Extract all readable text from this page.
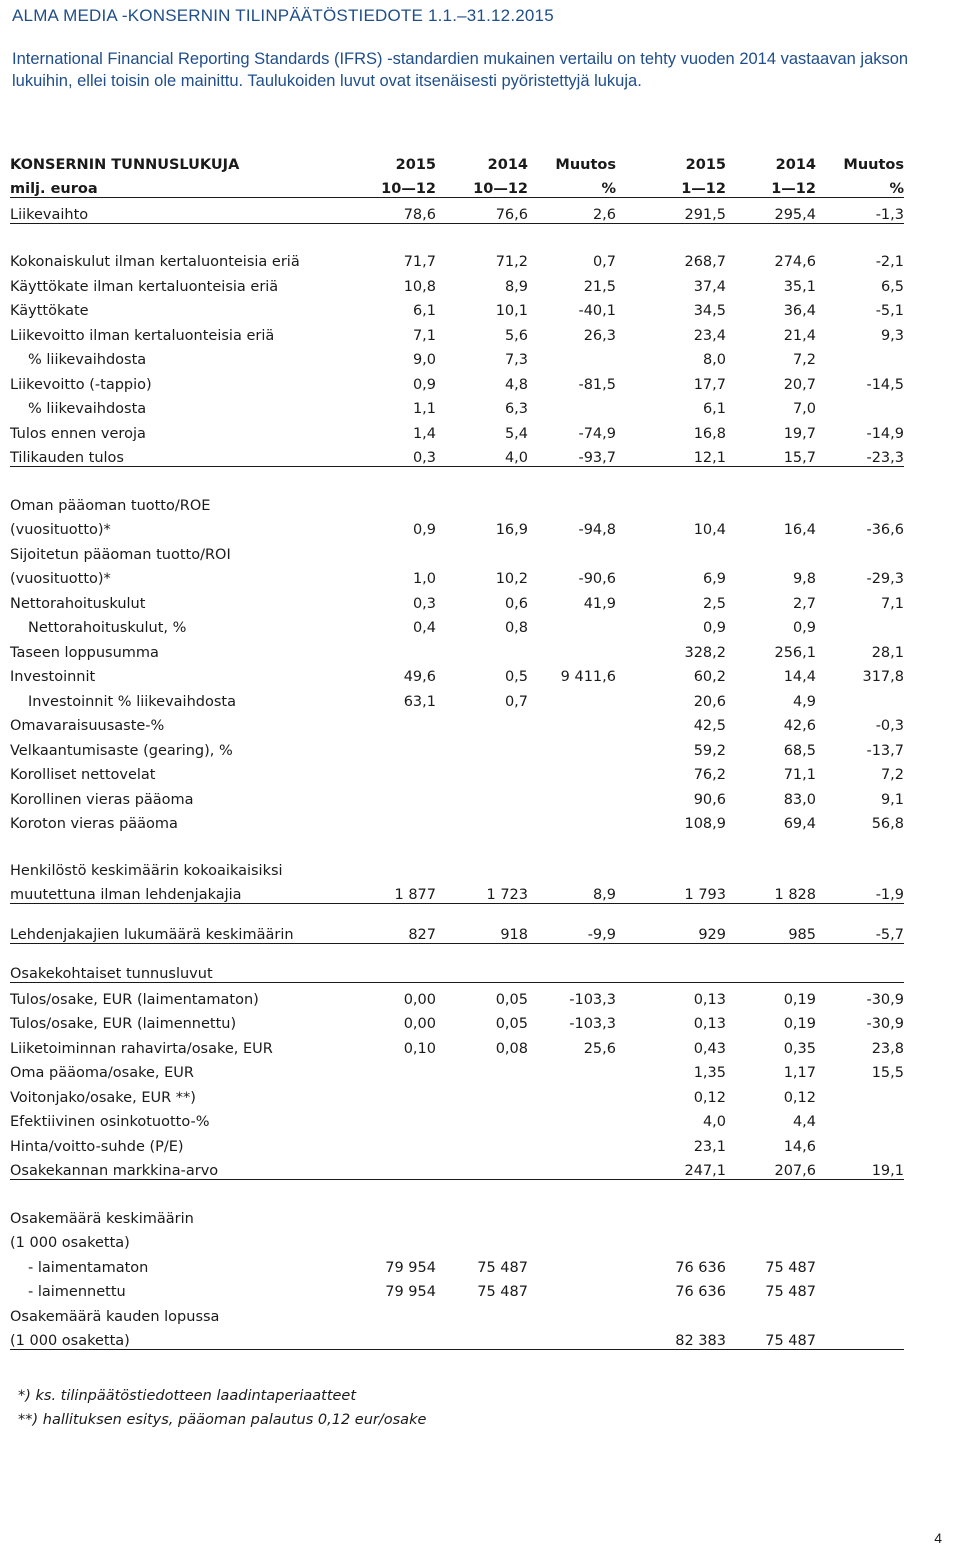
ALMA MEDIA -KONSERNIN TILINPÄÄTÖSTIEDOTE 1.1.–31.12.2015
International Financial Reporting Standards (IFRS) -standardien mukainen vertailu on tehty vuoden 2014 vastaavan jakson lukuihin, ellei toisin ole mainittu. Taulukoiden luvut ovat itsenäisesti pyöristettyjä lukuja.
KONSERNIN TUNNUSLUKUJA	2015	2014	Muutos	2015	2014	Muutos
milj. euroa	10—12	10—12	%	1—12	1—12	%
Liikevaihto	78,6	76,6	2,6	291,5	295,4	-1,3

Kokonaiskulut ilman kertaluonteisia eriä	71,7	71,2	0,7	268,7	274,6	-2,1
Käyttökate ilman kertaluonteisia eriä	10,8	8,9	21,5	37,4	35,1	6,5
Käyttökate	6,1	10,1	-40,1	34,5	36,4	-5,1
Liikevoitto ilman kertaluonteisia eriä	7,1	5,6	26,3	23,4	21,4	9,3
% liikevaihdosta	9,0	7,3		8,0	7,2	
Liikevoitto (-tappio)	0,9	4,8	-81,5	17,7	20,7	-14,5
% liikevaihdosta	1,1	6,3		6,1	7,0	
Tulos ennen veroja	1,4	5,4	-74,9	16,8	19,7	-14,9
Tilikauden tulos	0,3	4,0	-93,7	12,1	15,7	-23,3

Oman pääoman tuotto/ROE						
(vuosituotto)*	0,9	16,9	-94,8	10,4	16,4	-36,6
Sijoitetun pääoman tuotto/ROI						
(vuosituotto)*	1,0	10,2	-90,6	6,9	9,8	-29,3
Nettorahoituskulut	0,3	0,6	41,9	2,5	2,7	7,1
Nettorahoituskulut, %	0,4	0,8		0,9	0,9	
Taseen loppusumma				328,2	256,1	28,1
Investoinnit	49,6	0,5	9 411,6	60,2	14,4	317,8
Investoinnit % liikevaihdosta	63,1	0,7		20,6	4,9	
Omavaraisuusaste-%				42,5	42,6	-0,3
Velkaantumisaste (gearing), %				59,2	68,5	-13,7
Korolliset nettovelat				76,2	71,1	7,2
Korollinen vieras pääoma				90,6	83,0	9,1
Koroton vieras pääoma				108,9	69,4	56,8

Henkilöstö keskimäärin kokoaikaisiksi						
muutettuna ilman lehdenjakajia	1 877	1 723	8,9	1 793	1 828	-1,9

Lehdenjakajien lukumäärä keskimäärin	827	918	-9,9	929	985	-5,7

Osakekohtaiset tunnusluvut						
Tulos/osake, EUR (laimentamaton)	0,00	0,05	-103,3	0,13	0,19	-30,9
Tulos/osake, EUR (laimennettu)	0,00	0,05	-103,3	0,13	0,19	-30,9
Liiketoiminnan rahavirta/osake, EUR	0,10	0,08	25,6	0,43	0,35	23,8
Oma pääoma/osake, EUR				1,35	1,17	15,5
Voitonjako/osake, EUR **)				0,12	0,12	
Efektiivinen osinkotuotto-%				4,0	4,4	
Hinta/voitto-suhde (P/E)				23,1	14,6	
Osakekannan markkina-arvo				247,1	207,6	19,1

Osakemäärä keskimäärin						
(1 000 osaketta)						
- laimentamaton	79 954	75 487		76 636	75 487	
- laimennettu	79 954	75 487		76 636	75 487	
Osakemäärä kauden lopussa						
(1 000 osaketta)				82 383	75 487	
*) ks. tilinpäätöstiedotteen laadintaperiaatteet
**) hallituksen esitys, pääoman palautus 0,12 eur/osake
4
